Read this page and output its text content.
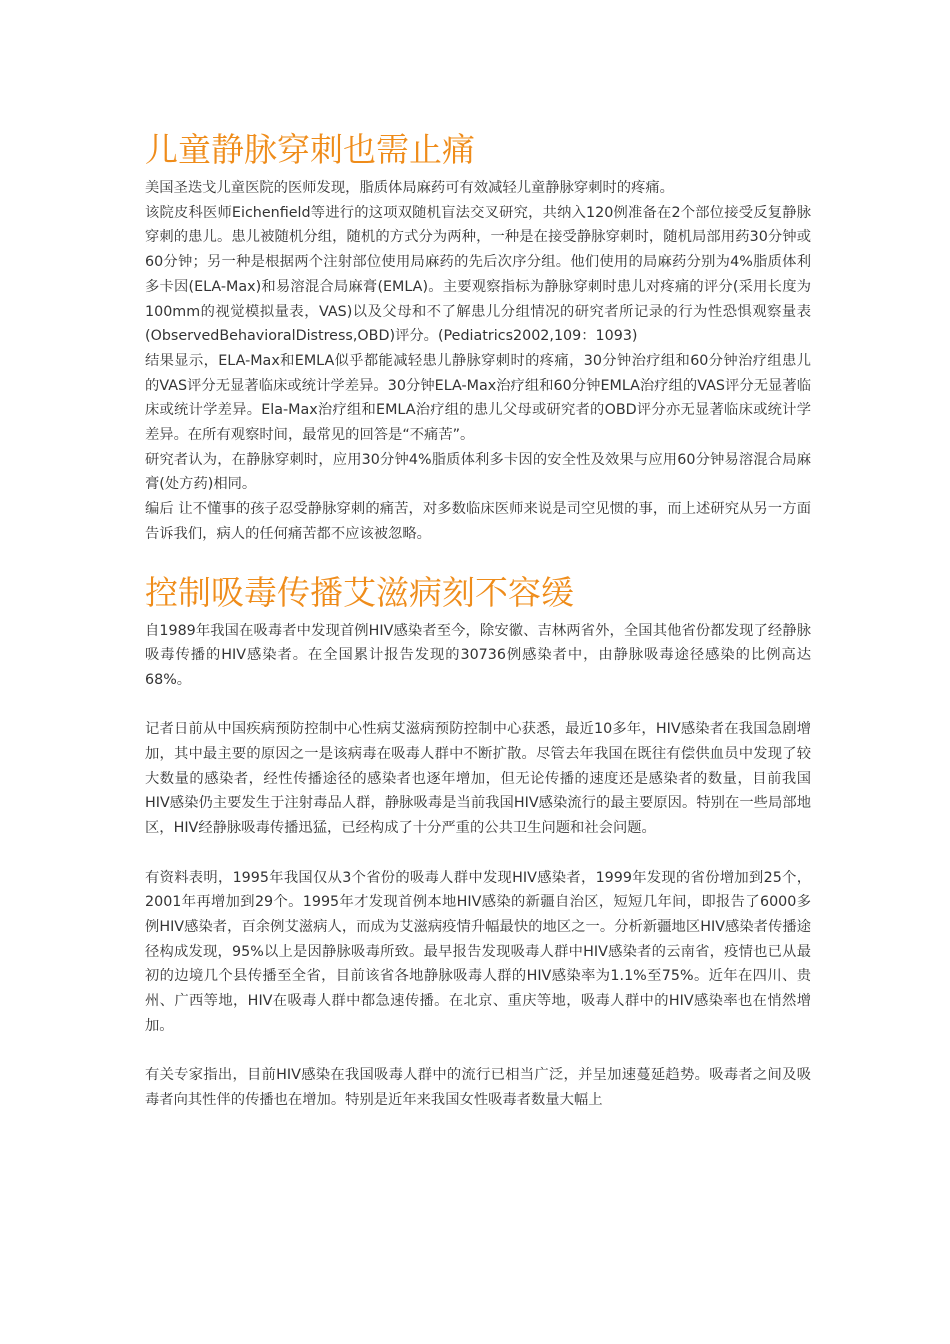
儿童静脉穿刺也需止痛

美国圣迭戈儿童医院的医师发现，脂质体局麻药可有效减轻儿童静脉穿刺时的疼痛。

该院皮科医师Eichenfield等进行的这项双随机盲法交叉研究，共纳入120例准备在2个部位接受反复静脉穿刺的患儿。患儿被随机分组，随机的方式分为两种，一种是在接受静脉穿刺时，随机局部用药30分钟或60分钟；另一种是根据两个注射部位使用局麻药的先后次序分组。他们使用的局麻药分别为4%脂质体利多卡因(ELA-Max)和易溶混合局麻膏(EMLA)。主要观察指标为静脉穿刺时患儿对疼痛的评分(采用长度为100mm的视觉模拟量表，VAS)以及父母和不了解患儿分组情况的研究者所记录的行为性恐惧观察量表(ObservedBehavioralDistress,OBD)评分。(Pediatrics2002,109：1093)

结果显示，ELA-Max和EMLA似乎都能减轻患儿静脉穿刺时的疼痛，30分钟治疗组和60分钟治疗组患儿的VAS评分无显著临床或统计学差异。30分钟ELA-Max治疗组和60分钟EMLA治疗组的VAS评分无显著临床或统计学差异。Ela-Max治疗组和EMLA治疗组的患儿父母或研究者的OBD评分亦无显著临床或统计学差异。在所有观察时间，最常见的回答是“不痛苦”。

研究者认为，在静脉穿刺时，应用30分钟4%脂质体利多卡因的安全性及效果与应用60分钟易溶混合局麻膏(处方药)相同。

编后 让不懂事的孩子忍受静脉穿刺的痛苦，对多数临床医师来说是司空见惯的事，而上述研究从另一方面告诉我们，病人的任何痛苦都不应该被忽略。

控制吸毒传播艾滋病刻不容缓

自1989年我国在吸毒者中发现首例HIV感染者至今，除安徽、吉林两省外，全国其他省份都发现了经静脉吸毒传播的HIV感染者。在全国累计报告发现的30736例感染者中，由静脉吸毒途径感染的比例高达68%。

记者日前从中国疾病预防控制中心性病艾滋病预防控制中心获悉，最近10多年，HIV感染者在我国急剧增加，其中最主要的原因之一是该病毒在吸毒人群中不断扩散。尽管去年我国在既往有偿供血员中发现了较大数量的感染者，经性传播途径的感染者也逐年增加，但无论传播的速度还是感染者的数量，目前我国HIV感染仍主要发生于注射毒品人群，静脉吸毒是当前我国HIV感染流行的最主要原因。特别在一些局部地区，HIV经静脉吸毒传播迅猛，已经构成了十分严重的公共卫生问题和社会问题。

有资料表明，1995年我国仅从3个省份的吸毒人群中发现HIV感染者，1999年发现的省份增加到25个，2001年再增加到29个。1995年才发现首例本地HIV感染的新疆自治区，短短几年间，即报告了6000多例HIV感染者，百余例艾滋病人，而成为艾滋病疫情升幅最快的地区之一。分析新疆地区HIV感染者传播途径构成发现，95%以上是因静脉吸毒所致。最早报告发现吸毒人群中HIV感染者的云南省，疫情也已从最初的边境几个县传播至全省，目前该省各地静脉吸毒人群的HIV感染率为1.1%至75%。近年在四川、贵州、广西等地，HIV在吸毒人群中都急速传播。在北京、重庆等地，吸毒人群中的HIV感染率也在悄然增加。

有关专家指出，目前HIV感染在我国吸毒人群中的流行已相当广泛，并呈加速蔓延趋势。吸毒者之间及吸毒者向其性伴的传播也在增加。特别是近年来我国女性吸毒者数量大幅上
